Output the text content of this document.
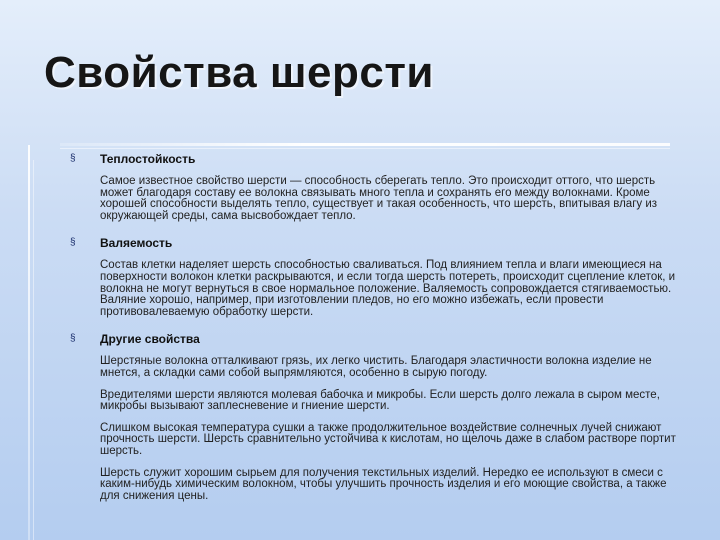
Свойства шерсти
§ Теплостойкость
Самое известное свойство шерсти — способность сберегать тепло. Это происходит оттого, что шерсть может благодаря составу ее волокна связывать много тепла и сохранять его между волокнами. Кроме хорошей способности выделять тепло, существует и такая особенность, что шерсть, впитывая влагу из окружающей среды, сама высвобождает тепло.
§ Валяемость
Состав клетки наделяет шерсть способностью сваливаться. Под влиянием тепла и влаги имеющиеся на поверхности волокон клетки раскрываются, и если тогда шерсть потереть, происходит сцепление клеток, и волокна не могут вернуться в свое нормальное положение. Валяемость сопровождается стягиваемостью. Валяние хорошо, например, при изготовлении пледов, но его можно избежать, если провести противовалеваемую обработку шерсти.
§ Другие свойства
Шерстяные волокна отталкивают грязь, их легко чистить. Благодаря эластичности волокна изделие не мнется, а складки сами собой выпрямляются, особенно в сырую погоду.
Вредителями шерсти являются молевая бабочка и микробы. Если шерсть долго лежала в сыром месте, микробы вызывают заплесневение и гниение шерсти.
Слишком высокая температура сушки а также продолжительное воздействие солнечных лучей снижают прочность шерсти. Шерсть сравнительно устойчива к кислотам, но щелочь даже в слабом растворе портит шерсть.
Шерсть служит хорошим сырьем для получения текстильных изделий. Нередко ее используют в смеси с каким-нибудь химическим волокном, чтобы улучшить прочность изделия и его моющие свойства, а также для снижения цены.
